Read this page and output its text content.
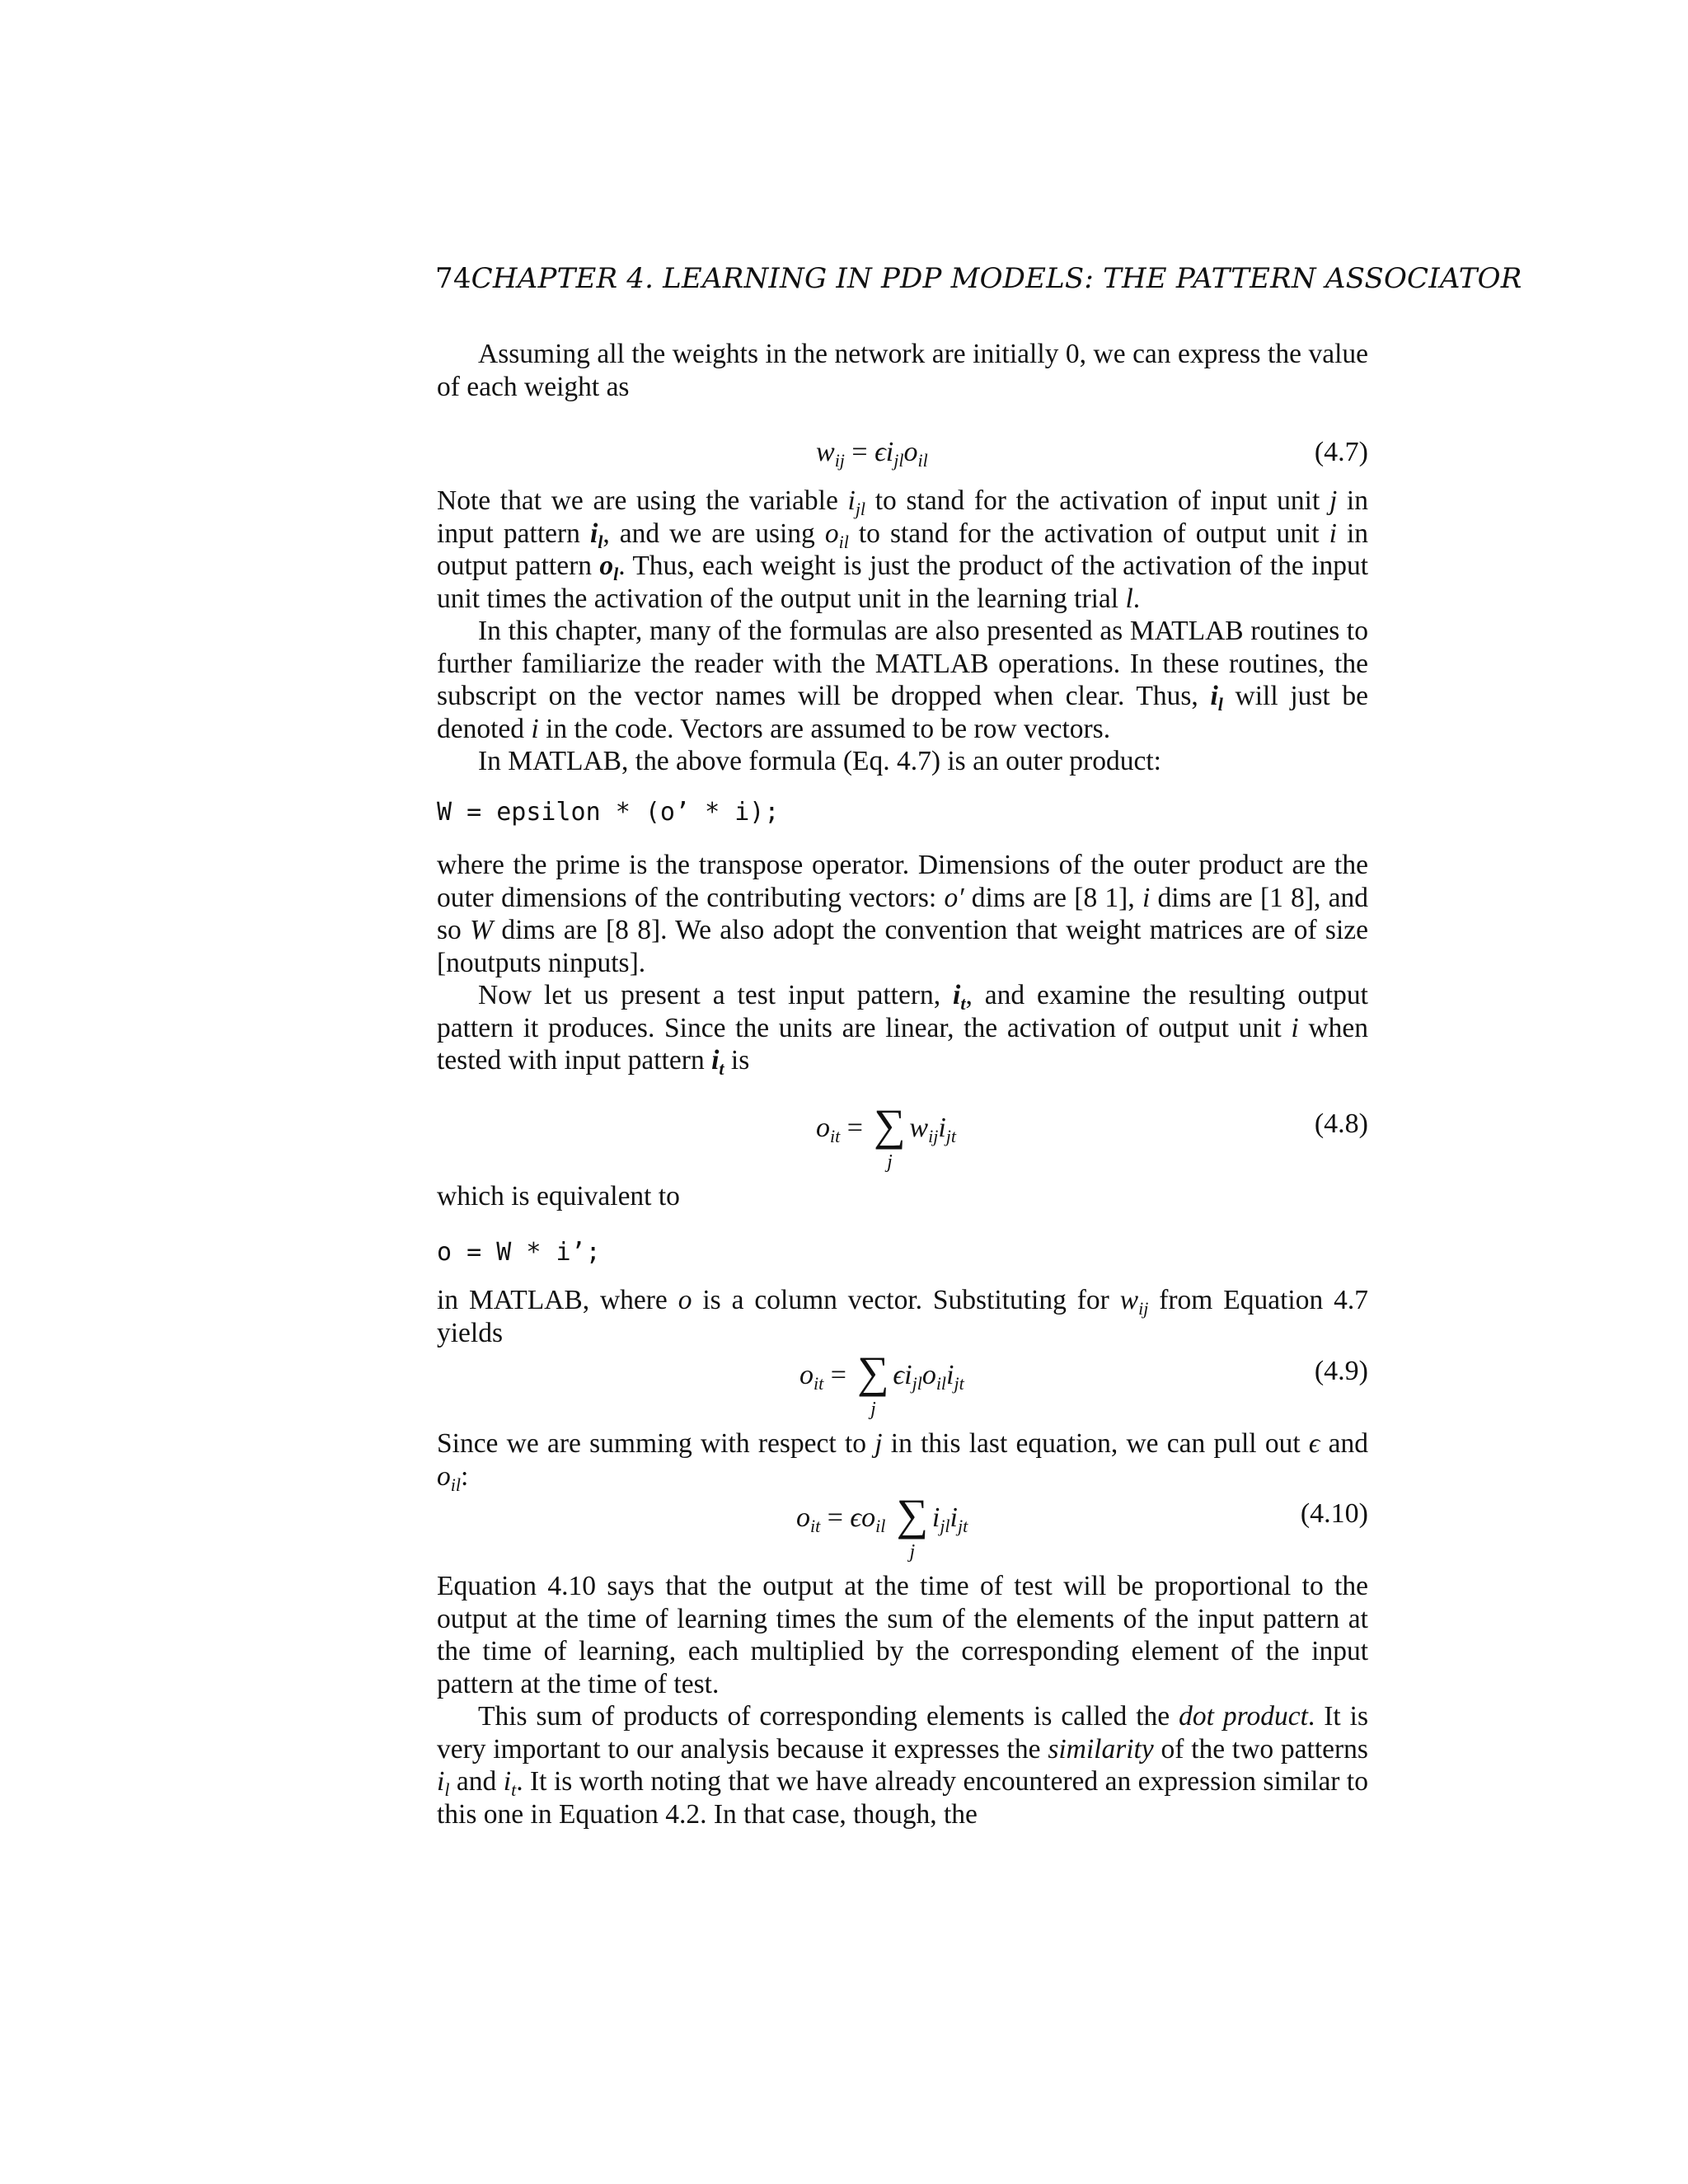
74CHAPTER 4. LEARNING IN PDP MODELS: THE PATTERN ASSOCIATOR

Assuming all the weights in the network are initially 0, we can express the value of each weight as

$w_{ij} = \epsilon i_{jl}o_{il}$	(4.7)

Note that we are using the variable $i_{jl}$ to stand for the activation of input unit j in input pattern $i_l$, and we are using $o_{il}$ to stand for the activation of output unit i in output pattern $o_l$. Thus, each weight is just the product of the activation of the input unit times the activation of the output unit in the learning trial l.

In this chapter, many of the formulas are also presented as MATLAB routines to further familiarize the reader with the MATLAB operations. In these routines, the subscript on the vector names will be dropped when clear. Thus, $i_l$ will just be denoted i in the code. Vectors are assumed to be row vectors.

In MATLAB, the above formula (Eq. 4.7) is an outer product:

W = epsilon * (o’ * i);

where the prime is the transpose operator. Dimensions of the outer product are the outer dimensions of the contributing vectors: o′ dims are [8 1], i dims are [1 8], and so W dims are [8 8]. We also adopt the convention that weight matrices are of size [noutputs ninputs].

Now let us present a test input pattern, $i_t$, and examine the resulting output pattern it produces. Since the units are linear, the activation of output unit i when tested with input pattern $i_t$ is

$o_{it}$ = ∑
j
$w_{ij}i_{jt}$	(4.8)

which is equivalent to

o = W * i’;

in MATLAB, where o is a column vector. Substituting for $w_{ij}$ from Equation 4.7 yields

$o_{it}$ = ∑
j
$\epsilon i_{jl}o_{il}i_{jt}$	(4.9)

Since we are summing with respect to j in this last equation, we can pull out ϵ and $o_{il}$:

$o_{it} = \epsilon o_{il}$ ∑
j
$i_{jl}i_{jt}$	(4.10)

Equation 4.10 says that the output at the time of test will be proportional to the output at the time of learning times the sum of the elements of the input pattern at the time of learning, each multiplied by the corresponding element of the input pattern at the time of test.

This sum of products of corresponding elements is called the dot product. It is very important to our analysis because it expresses the similarity of the two patterns $i_l$ and $i_t$. It is worth noting that we have already encountered an expression similar to this one in Equation 4.2. In that case, though, the
